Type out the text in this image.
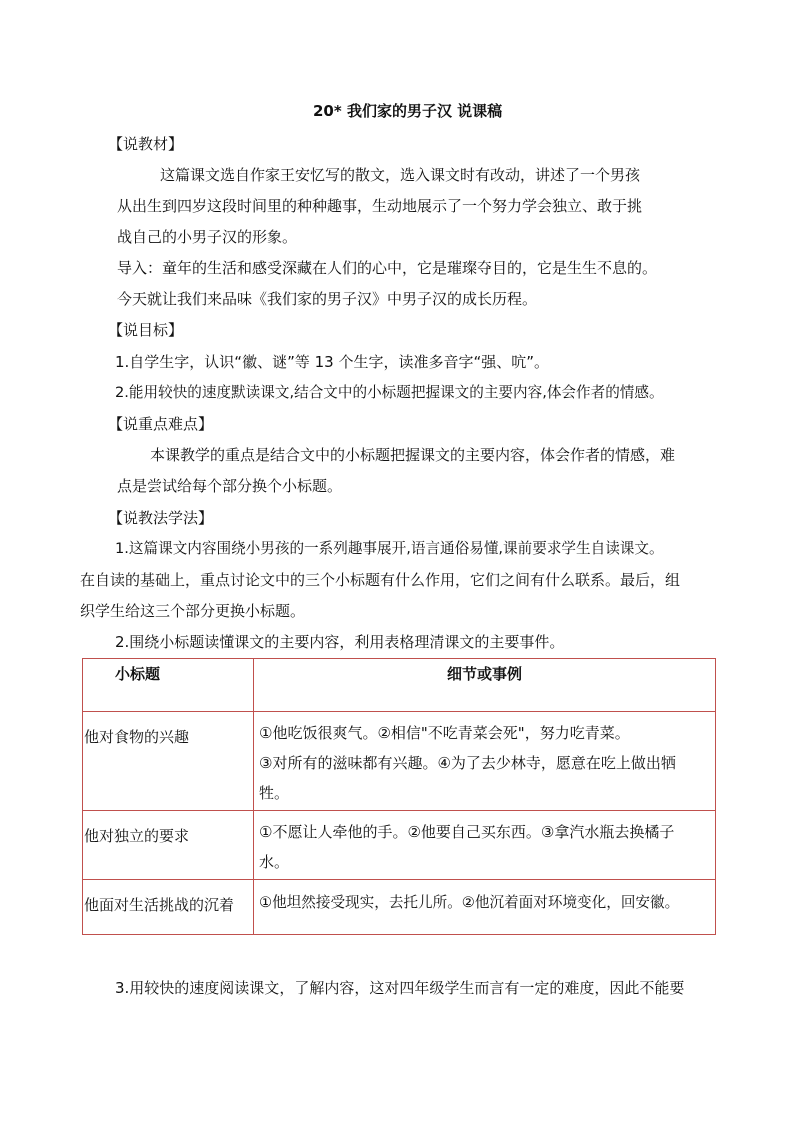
20* 我们家的男子汉 说课稿
【说教材】
这篇课文选自作家王安忆写的散文，选入课文时有改动，讲述了一个男孩
从出生到四岁这段时间里的种种趣事，生动地展示了一个努力学会独立、敢于挑
战自己的小男子汉的形象。
导入：童年的生活和感受深藏在人们的心中，它是璀璨夺目的，它是生生不息的。
今天就让我们来品味《我们家的男子汉》中男子汉的成长历程。
【说目标】
1.自学生字，认识“徽、谜”等 13 个生字，读准多音字“强、吭”。
2.能用较快的速度默读课文,结合文中的小标题把握课文的主要内容,体会作者的情感。
【说重点难点】
本课教学的重点是结合文中的小标题把握课文的主要内容，体会作者的情感，难
点是尝试给每个部分换个小标题。
【说教法学法】
1.这篇课文内容围绕小男孩的一系列趣事展开,语言通俗易懂,课前要求学生自读课文。
在自读的基础上，重点讨论文中的三个小标题有什么作用，它们之间有什么联系。最后，组
织学生给这三个部分更换小标题。
2.围绕小标题读懂课文的主要内容，利用表格理清课文的主要事件。
小标题	细节或事例

他对食物的兴趣	①他吃饭很爽气。②相信"不吃青菜会死"，努力吃青菜。
③对所有的滋味都有兴趣。④为了去少林寺，愿意在吃上做出牺
牲。

他对独立的要求	①不愿让人牵他的手。②他要自己买东西。③拿汽水瓶去换橘子
水。

他面对生活挑战的沉着	①他坦然接受现实，去托儿所。②他沉着面对环境变化，回安徽。
3.用较快的速度阅读课文，了解内容，这对四年级学生而言有一定的难度，因此不能要
